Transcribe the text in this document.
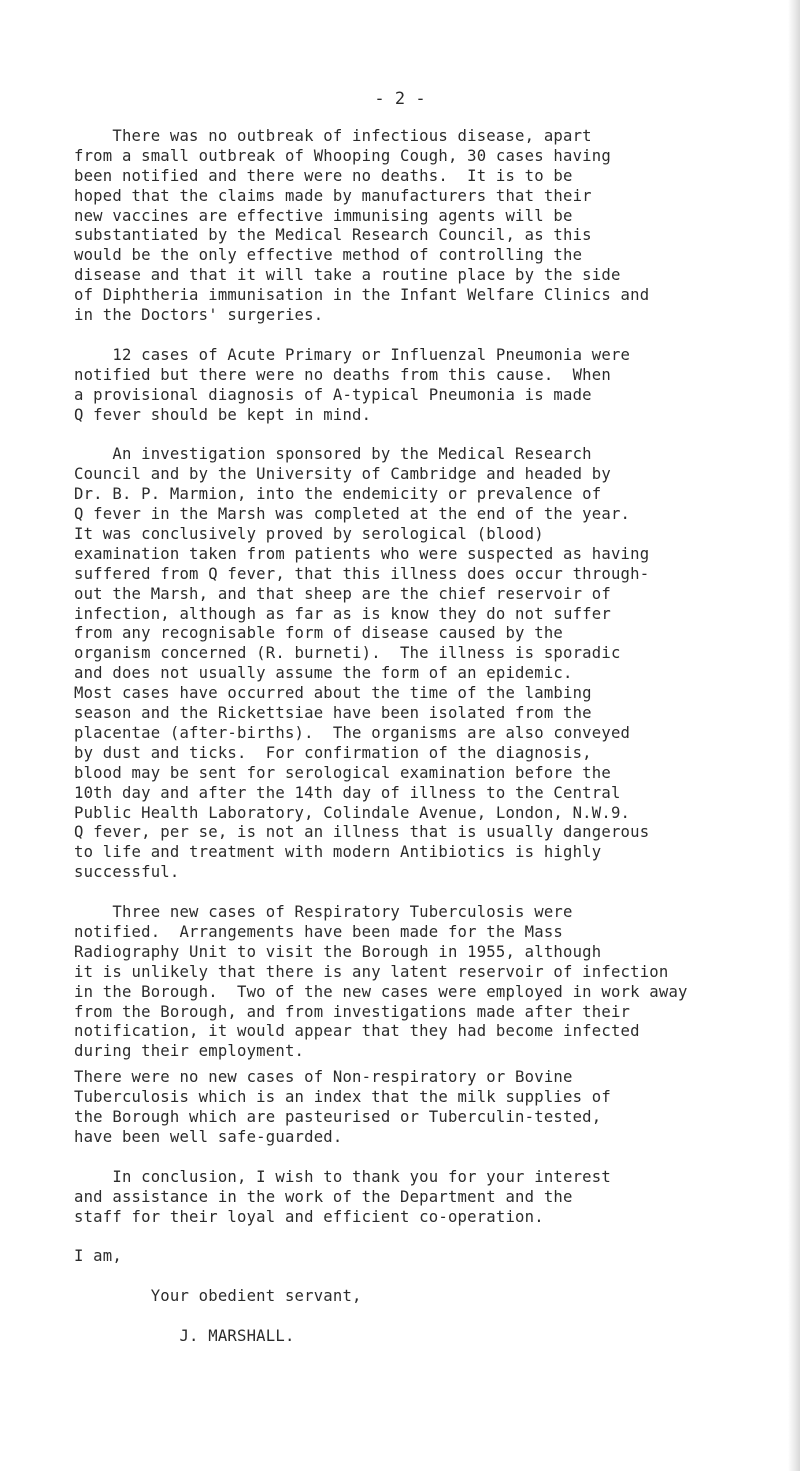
- 2 -
There was no outbreak of infectious disease, apart
from a small outbreak of Whooping Cough, 30 cases having
been notified and there were no deaths.  It is to be
hoped that the claims made by manufacturers that their
new vaccines are effective immunising agents will be
substantiated by the Medical Research Council, as this
would be the only effective method of controlling the
disease and that it will take a routine place by the side
of Diphtheria immunisation in the Infant Welfare Clinics and
in the Doctors' surgeries.
12 cases of Acute Primary or Influenzal Pneumonia were
notified but there were no deaths from this cause.  When
a provisional diagnosis of A-typical Pneumonia is made
Q fever should be kept in mind.
An investigation sponsored by the Medical Research
Council and by the University of Cambridge and headed by
Dr. B. P. Marmion, into the endemicity or prevalence of
Q fever in the Marsh was completed at the end of the year.
It was conclusively proved by serological (blood)
examination taken from patients who were suspected as having
suffered from Q fever, that this illness does occur through-
out the Marsh, and that sheep are the chief reservoir of
infection, although as far as is know they do not suffer
from any recognisable form of disease caused by the
organism concerned (R. burneti).  The illness is sporadic
and does not usually assume the form of an epidemic.
Most cases have occurred about the time of the lambing
season and the Rickettsiae have been isolated from the
placentae (after-births).  The organisms are also conveyed
by dust and ticks.  For confirmation of the diagnosis,
blood may be sent for serological examination before the
10th day and after the 14th day of illness to the Central
Public Health Laboratory, Colindale Avenue, London, N.W.9.
Q fever, per se, is not an illness that is usually dangerous
to life and treatment with modern Antibiotics is highly
successful.
Three new cases of Respiratory Tuberculosis were
notified.  Arrangements have been made for the Mass
Radiography Unit to visit the Borough in 1955, although
it is unlikely that there is any latent reservoir of infection
in the Borough.  Two of the new cases were employed in work away
from the Borough, and from investigations made after their
notification, it would appear that they had become infected
during their employment.
There were no new cases of Non-respiratory or Bovine
Tuberculosis which is an index that the milk supplies of
the Borough which are pasteurised or Tuberculin-tested,
have been well safe-guarded.
In conclusion, I wish to thank you for your interest
and assistance in the work of the Department and the
staff for their loyal and efficient co-operation.
I am,
Your obedient servant,
J. MARSHALL.
